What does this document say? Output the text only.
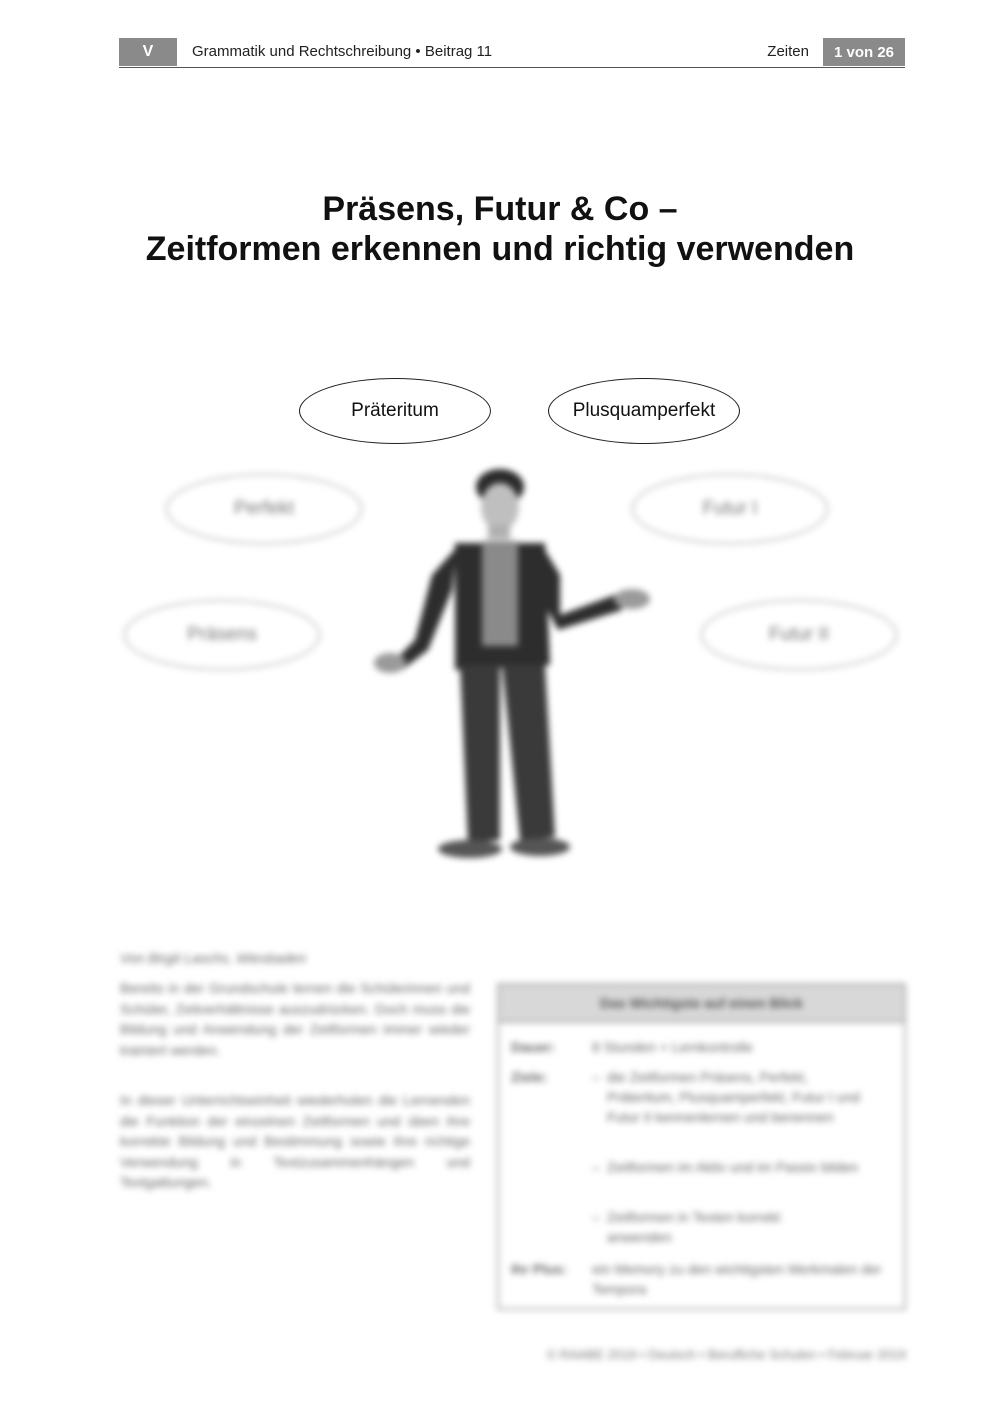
V	Grammatik und Rechtschreibung • Beitrag 11	Zeiten	1 von 26
Präsens, Futur & Co –
Zeitformen erkennen und richtig verwenden
Präteritum	Plusquamperfekt
Perfekt	Futur I
Präsens	Futur II
Von Birgit Laschs, Wiesbaden
Bereits in der Grundschule lernen die Schülerinnen und Schüler, Zeitverhältnisse auszudrücken. Doch muss die Bildung und Anwendung der Zeitformen immer wieder trainiert werden.
In dieser Unterrichtseinheit wiederholen die Lernenden die Funktion der einzelnen Zeitformen und üben ihre korrekte Bildung und Bestimmung sowie ihre richtige Verwendung in Textzusammenhängen und Textgattungen.
Das Wichtigste auf einen Blick
Dauer:	8 Stunden + Lernkontrolle
Ziele:	– die Zeitformen Präsens, Perfekt, Präteritum, Plusquamperfekt, Futur I und Futur II kennenlernen und benennen
– Zeitformen im Aktiv und im Passiv bilden
– Zeitformen in Texten korrekt anwenden
Ihr Plus: ein Memory zu den wichtigsten Merkmalen der Tempora
© RAABE 2019 • Deutsch • Berufliche Schulen • Februar 2019
